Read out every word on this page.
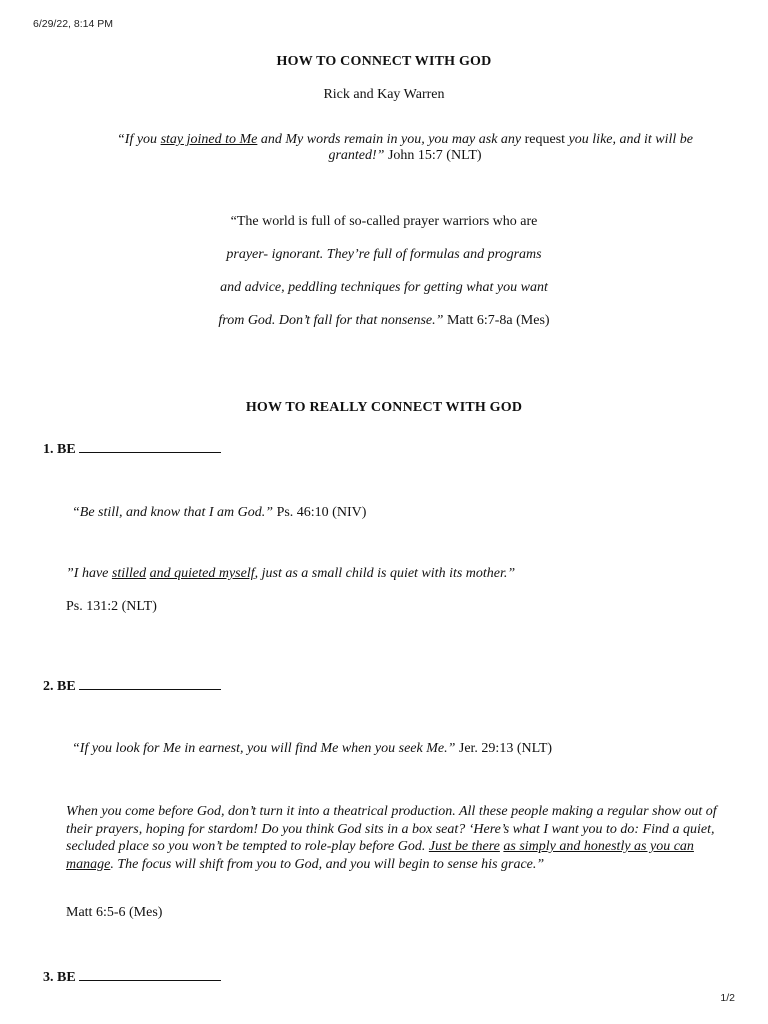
6/29/22, 8:14 PM
HOW TO CONNECT WITH GOD
Rick and Kay Warren
“If you stay joined to Me and My words remain in you, you may ask any request you like, and it will be granted!” John 15:7 (NLT)
“The world is full of so-called prayer warriors who are
prayer- ignorant. They’re full of formulas and programs
and advice, peddling techniques for getting what you want
from God. Don’t fall for that nonsense.” Matt 6:7-8a (Mes)
HOW TO REALLY CONNECT WITH GOD
1. BE
“Be still, and know that I am God.” Ps. 46:10 (NIV)
”I have stilled and quieted myself, just as a small child is quiet with its mother.”
Ps. 131:2 (NLT)
2. BE
“If you look for Me in earnest, you will find Me when you seek Me.” Jer. 29:13 (NLT)
When you come before God, don’t turn it into a theatrical production. All these people making a regular show out of their prayers, hoping for stardom! Do you think God sits in a box seat? ‘Here’s what I want you to do: Find a quiet, secluded place so you won’t be tempted to role-play before God. Just be there as simply and honestly as you can manage. The focus will shift from you to God, and you will begin to sense his grace.”
Matt 6:5-6 (Mes)
3. BE
1/2
